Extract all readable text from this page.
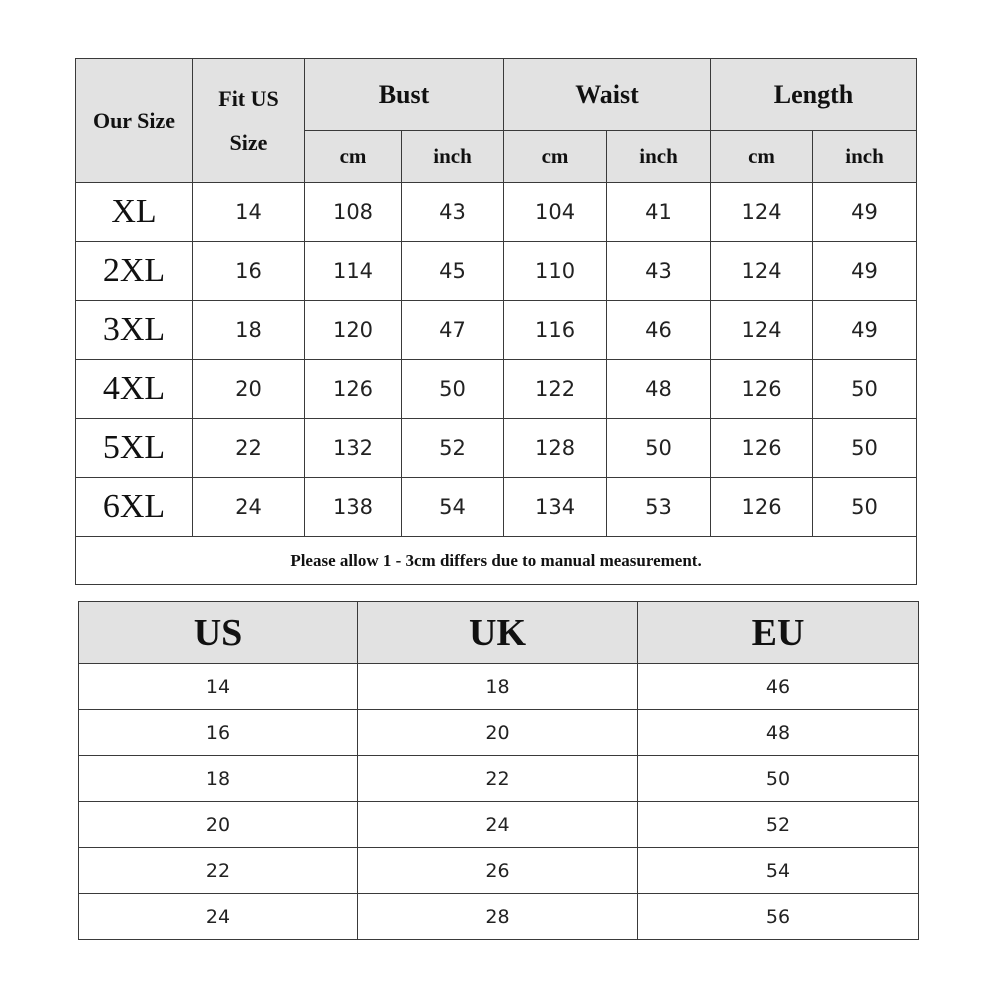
Our Size	Fit US Size	Bust		Waist		Length	
		cm	inch	cm	inch	cm	inch
XL	14	108	43	104	41	124	49
2XL	16	114	45	110	43	124	49
3XL	18	120	47	116	46	124	49
4XL	20	126	50	122	48	126	50
5XL	22	132	52	128	50	126	50
6XL	24	138	54	134	53	126	50
Please allow 1 - 3cm differs due to manual measurement.							
US	UK	EU
14	18	46
16	20	48
18	22	50
20	24	52
22	26	54
24	28	56
